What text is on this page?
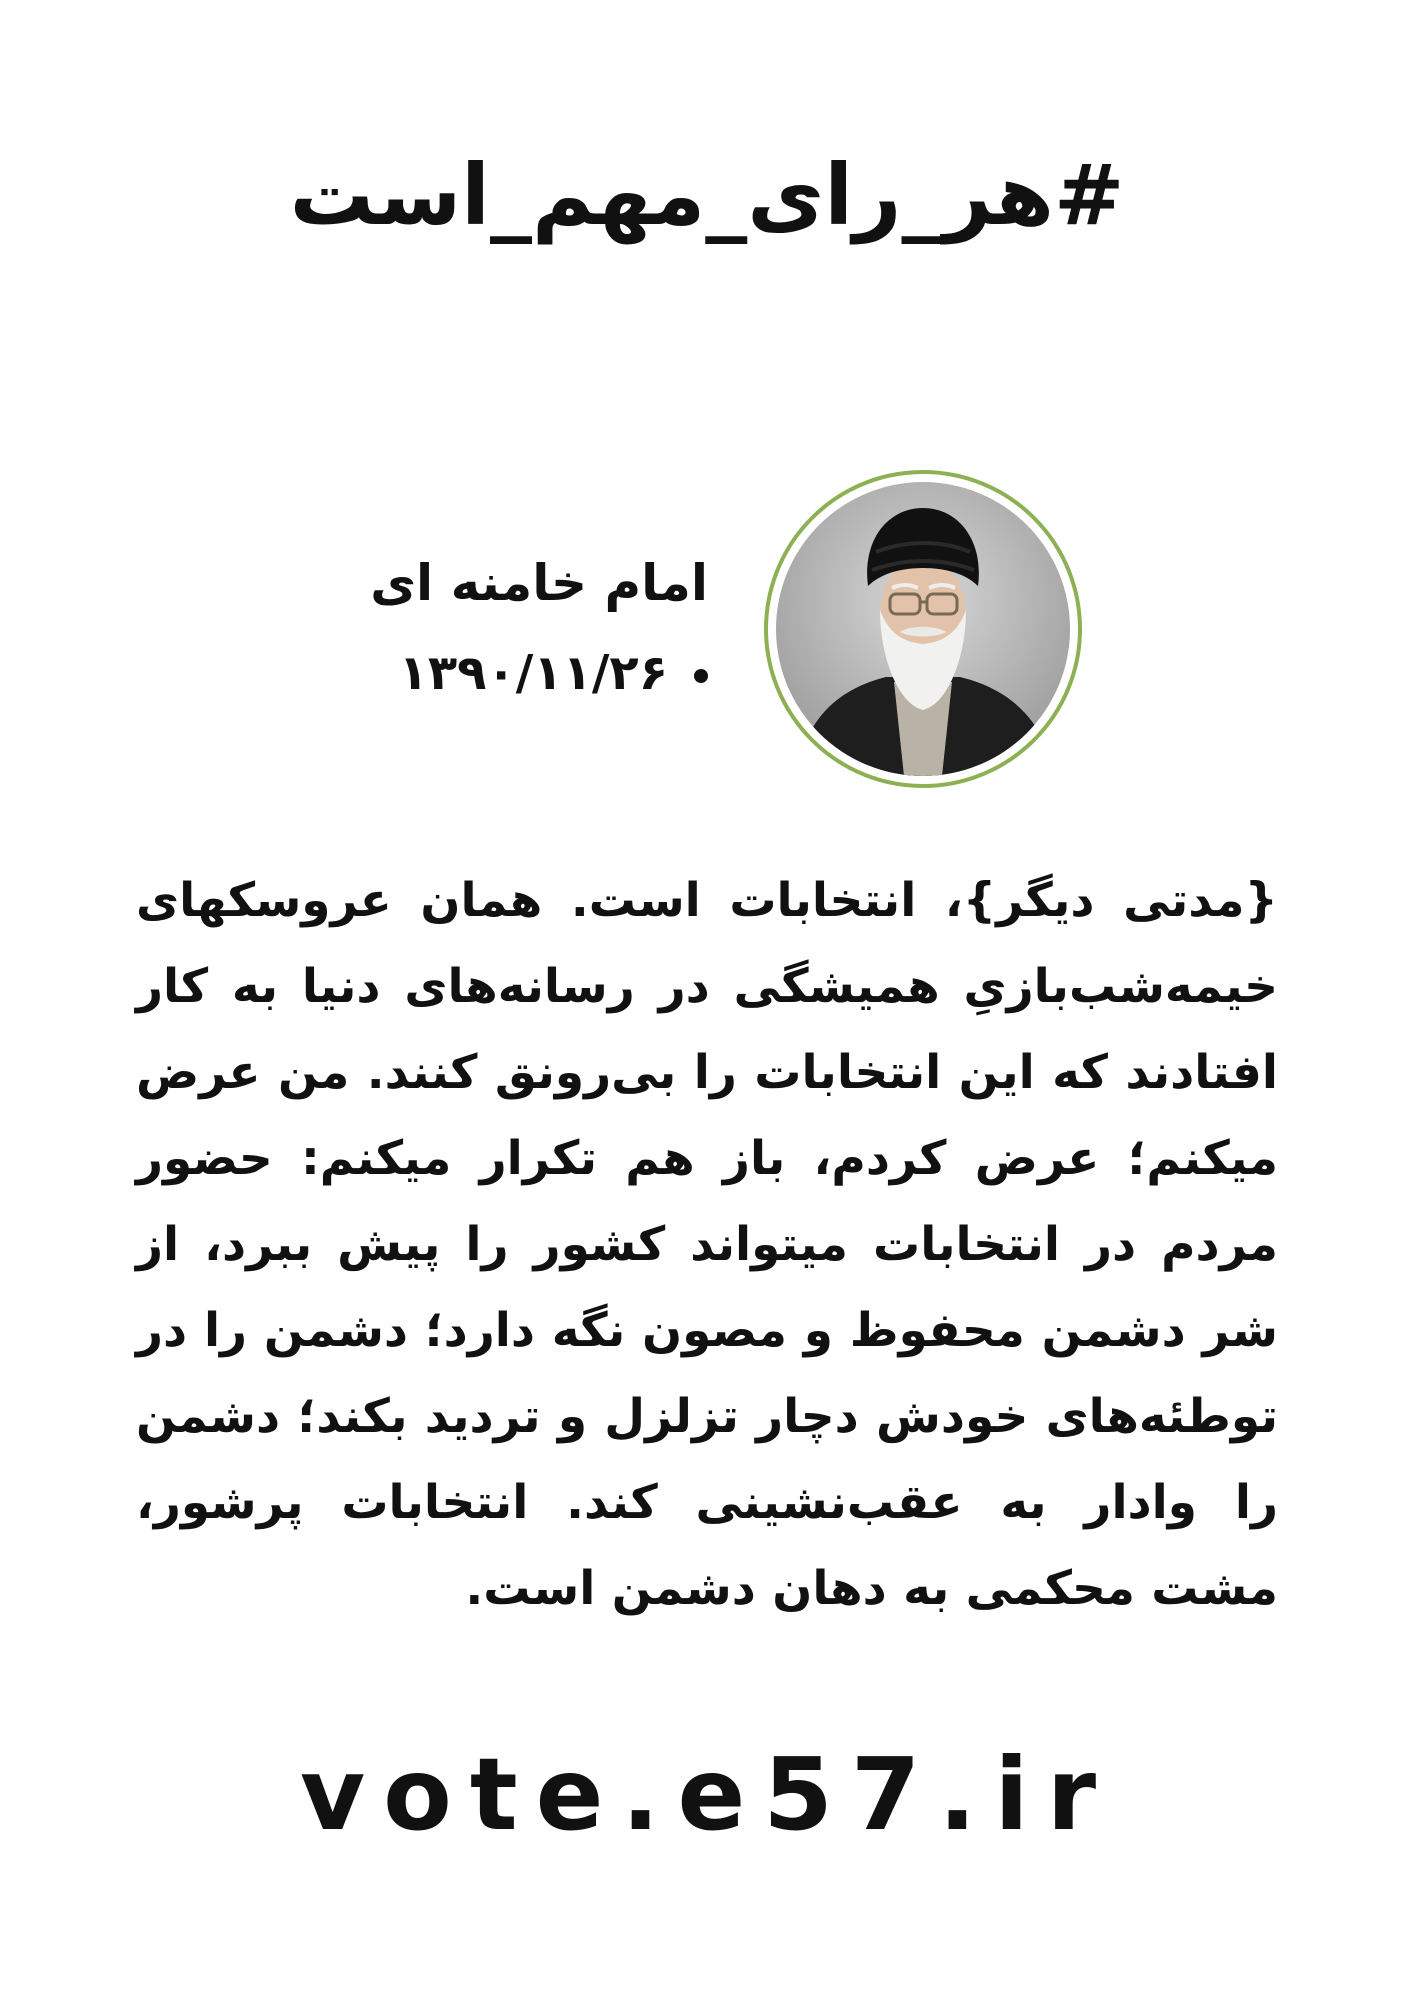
#هر_رای_مهم_است
امام خامنه ای
۱۳۹۰/۱۱/۲۶
{مدتی دیگر}، انتخابات است. همان عروسکهای خیمه‌شب‌بازیِ همیشگی در رسانه‌های دنیا به کار افتادند که این انتخابات را بی‌رونق کنند. من عرض میکنم؛ عرض کردم، باز هم تکرار میکنم: حضور مردم در انتخابات میتواند کشور را پیش ببرد، از شر دشمن محفوظ و مصون نگه دارد؛ دشمن را در توطئه‌های خودش دچار تزلزل و تردید بکند؛ دشمن را وادار به عقب‌نشینی کند. انتخابات پرشور، مشت محکمی به دهان دشمن است.
vote.e57.ir
